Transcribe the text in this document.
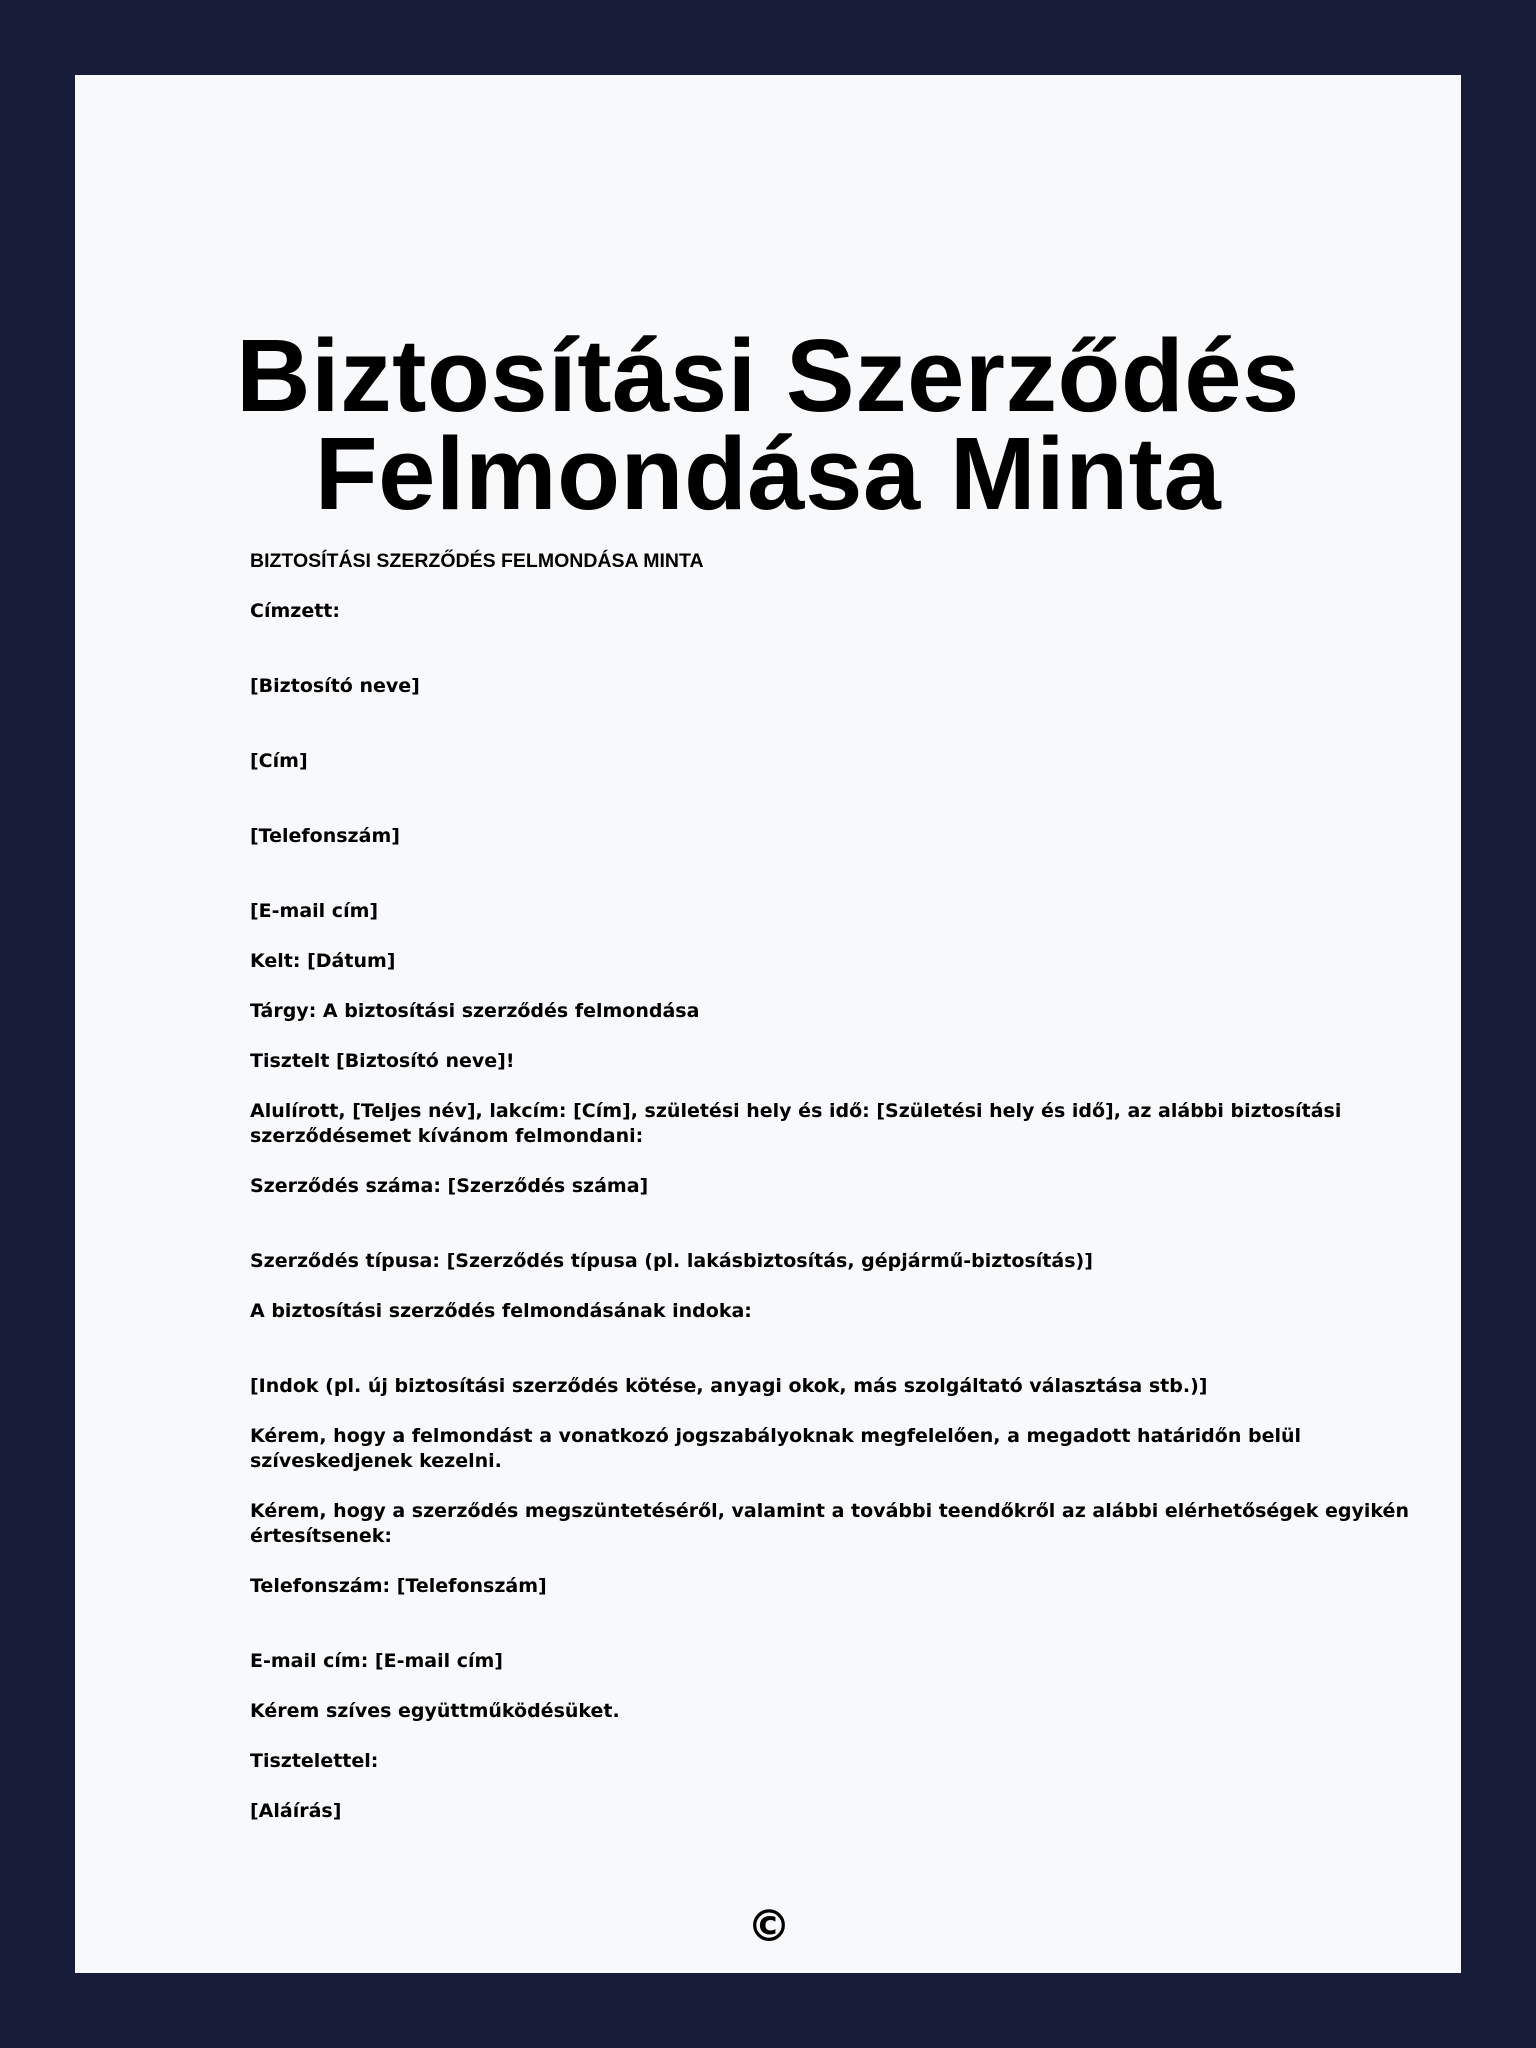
Biztosítási Szerződés
Felmondása Minta

BIZTOSÍTÁSI SZERZŐDÉS FELMONDÁSA MINTA

Címzett:

[Biztosító neve]

[Cím]

[Telefonszám]

[E-mail cím]

Kelt: [Dátum]

Tárgy: A biztosítási szerződés felmondása

Tisztelt [Biztosító neve]!

Alulírott, [Teljes név], lakcím: [Cím], születési hely és idő: [Születési hely és idő], az alábbi biztosítási

szerződésemet kívánom felmondani:

Szerződés száma: [Szerződés száma]

Szerződés típusa: [Szerződés típusa (pl. lakásbiztosítás, gépjármű-biztosítás)]

A biztosítási szerződés felmondásának indoka:

[Indok (pl. új biztosítási szerződés kötése, anyagi okok, más szolgáltató választása stb.)]

Kérem, hogy a felmondást a vonatkozó jogszabályoknak megfelelően, a megadott határidőn belül

szíveskedjenek kezelni.

Kérem, hogy a szerződés megszüntetéséről, valamint a további teendőkről az alábbi elérhetőségek egyikén

értesítsenek:

Telefonszám: [Telefonszám]

E-mail cím: [E-mail cím]

Kérem szíves együttműködésüket.

Tisztelettel:

[Aláírás]

©
